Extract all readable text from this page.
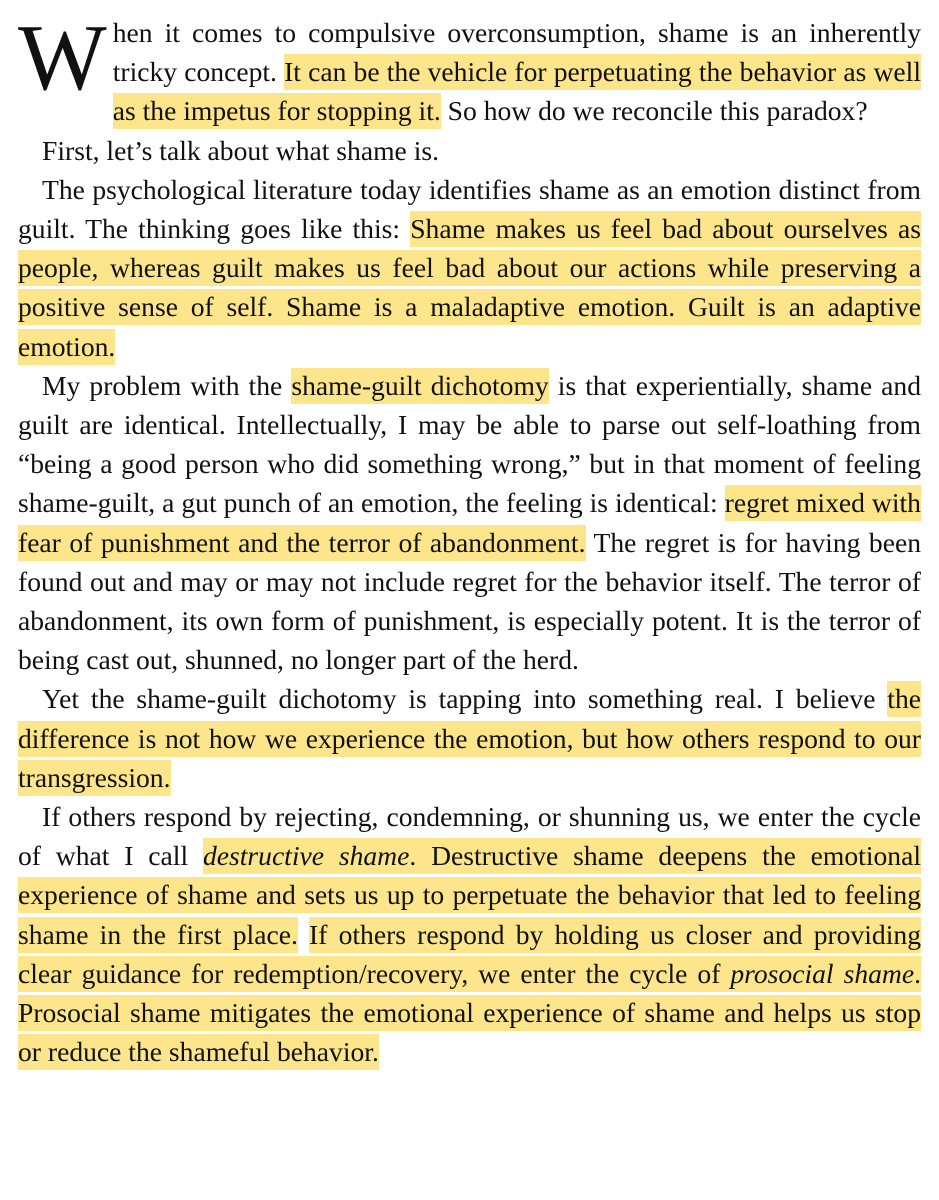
When it comes to compulsive overconsumption, shame is an inherently tricky concept. It can be the vehicle for perpetuating the behavior as well as the impetus for stopping it. So how do we reconcile this paradox?

First, let’s talk about what shame is.

The psychological literature today identifies shame as an emotion distinct from guilt. The thinking goes like this: Shame makes us feel bad about ourselves as people, whereas guilt makes us feel bad about our actions while preserving a positive sense of self. Shame is a maladaptive emotion. Guilt is an adaptive emotion.

My problem with the shame-guilt dichotomy is that experientially, shame and guilt are identical. Intellectually, I may be able to parse out self-loathing from “being a good person who did something wrong,” but in that moment of feeling shame-guilt, a gut punch of an emotion, the feeling is identical: regret mixed with fear of punishment and the terror of abandonment. The regret is for having been found out and may or may not include regret for the behavior itself. The terror of abandonment, its own form of punishment, is especially potent. It is the terror of being cast out, shunned, no longer part of the herd.

Yet the shame-guilt dichotomy is tapping into something real. I believe the difference is not how we experience the emotion, but how others respond to our transgression.

If others respond by rejecting, condemning, or shunning us, we enter the cycle of what I call destructive shame. Destructive shame deepens the emotional experience of shame and sets us up to perpetuate the behavior that led to feeling shame in the first place. If others respond by holding us closer and providing clear guidance for redemption/recovery, we enter the cycle of prosocial shame. Prosocial shame mitigates the emotional experience of shame and helps us stop or reduce the shameful behavior.
